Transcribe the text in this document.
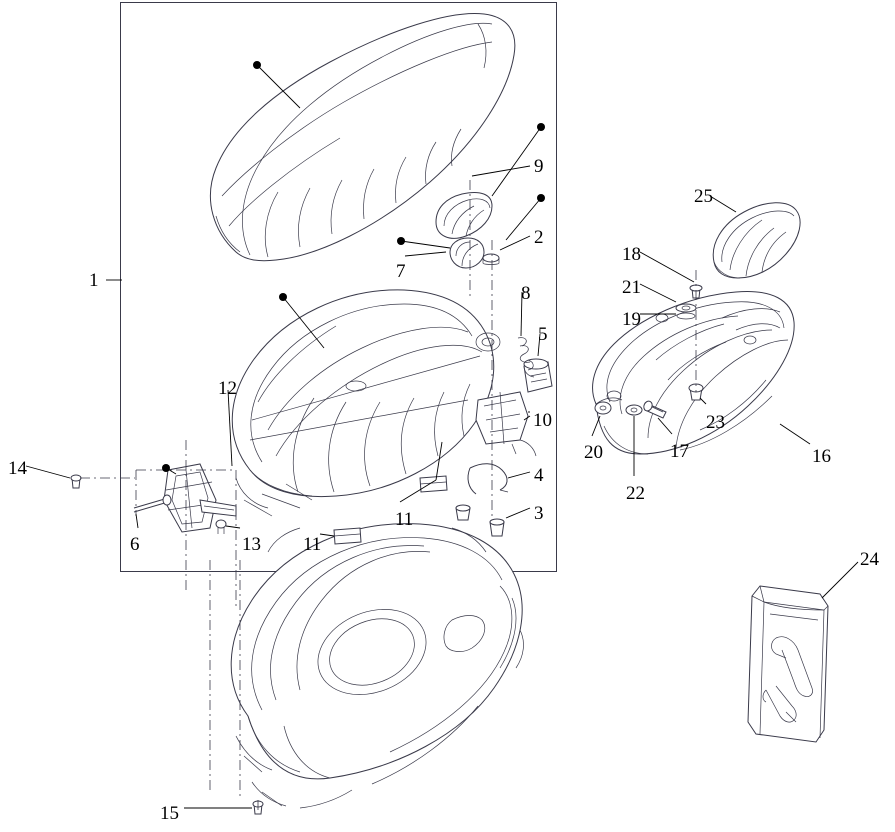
1
2
3
4
5
6
7
8
9
10
11
11
12
13
14
15
16
17
18
19
20
21
22
23
24
25
